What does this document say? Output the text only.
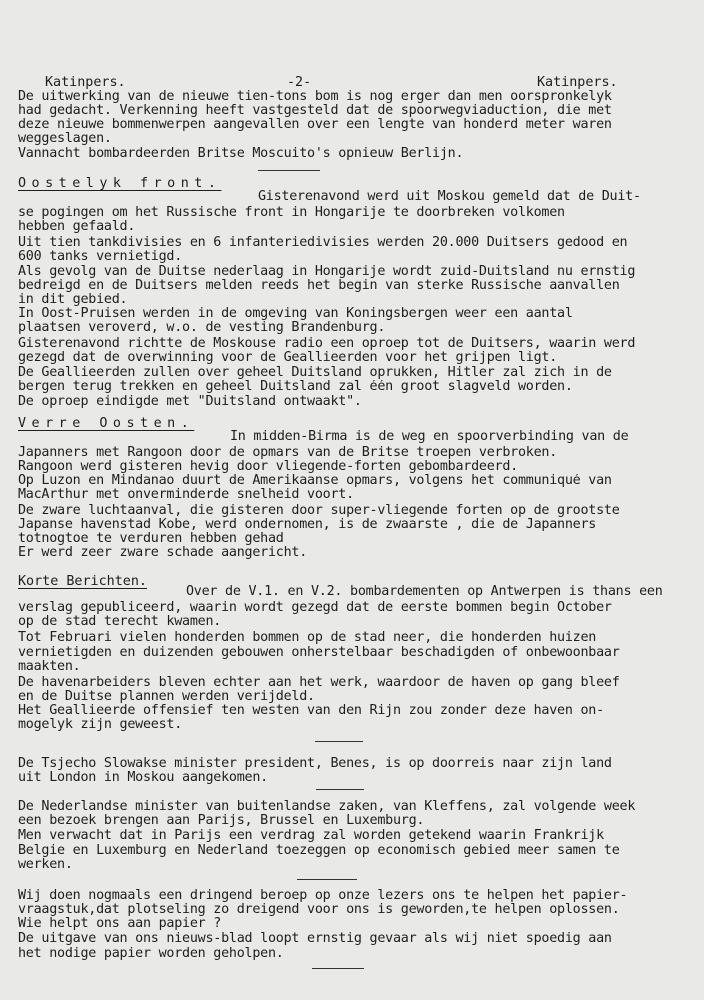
Katinpers.	-2-	Katinpers.
De uitwerking van de nieuwe tien-tons bom is nog erger dan men oorspronkelyk
had gedacht. Verkenning heeft vastgesteld dat de spoorwegviaduction, die met
deze nieuwe bommenwerpen aangevallen over een lengte van honderd meter waren
weggeslagen.
Vannacht bombardeerden Britse Moscuito's opnieuw Berlijn.
Oostelyk front.
Gisterenavond werd uit Moskou gemeld dat de Duit-
se pogingen om het Russische front in Hongarije te doorbreken volkomen
hebben gefaald.
Uit tien tankdivisies en 6 infanteriedivisies werden 20.000 Duitsers gedood en
600 tanks vernietigd.
Als gevolg van de Duitse nederlaag in Hongarije wordt zuid-Duitsland nu ernstig
bedreigd en de Duitsers melden reeds het begin van sterke Russische aanvallen
in dit gebied.
In Oost-Pruisen werden in de omgeving van Koningsbergen weer een aantal
plaatsen veroverd, w.o. de vesting Brandenburg.
Gisterenavond richtte de Moskouse radio een oproep tot de Duitsers, waarin werd
gezegd dat de overwinning voor de Geallieerden voor het grijpen ligt.
De Geallieerden zullen over geheel Duitsland oprukken, Hitler zal zich in de
bergen terug trekken en geheel Duitsland zal één groot slagveld worden.
De oproep eindigde met "Duitsland ontwaakt".
Verre Oosten.
In midden-Birma is de weg en spoorverbinding van de
Japanners met Rangoon door de opmars van de Britse troepen verbroken.
Rangoon werd gisteren hevig door vliegende-forten gebombardeerd.
Op Luzon en Mindanao duurt de Amerikaanse opmars, volgens het communiqué van
MacArthur met onverminderde snelheid voort.
De zware luchtaanval, die gisteren door super-vliegende forten op de grootste
Japanse havenstad Kobe, werd ondernomen, is de zwaarste , die de Japanners
totnogtoe te verduren hebben gehad
Er werd zeer zware schade aangericht.
Korte Berichten.
Over de V.1. en V.2. bombardementen op Antwerpen is thans een
verslag gepubliceerd, waarin wordt gezegd dat de eerste bommen begin October
op de stad terecht kwamen.
Tot Februari vielen honderden bommen op de stad neer, die honderden huizen
vernietigden en duizenden gebouwen onherstelbaar beschadigden of onbewoonbaar
maakten.
De havenarbeiders bleven echter aan het werk, waardoor de haven op gang bleef
en de Duitse plannen werden verijdeld.
Het Geallieerde offensief ten westen van den Rijn zou zonder deze haven on-
mogelyk zijn geweest.
De Tsjecho Slowakse minister president, Benes, is op doorreis naar zijn land
uit London in Moskou aangekomen.
De Nederlandse minister van buitenlandse zaken, van Kleffens, zal volgende week
een bezoek brengen aan Parijs, Brussel en Luxemburg.
Men verwacht dat in Parijs een verdrag zal worden getekend waarin Frankrijk
Belgie en Luxemburg en Nederland toezeggen op economisch gebied meer samen te
werken.
Wij doen nogmaals een dringend beroep op onze lezers ons te helpen het papier-
vraagstuk,dat plotseling zo dreigend voor ons is geworden,te helpen oplossen.
Wie helpt ons aan papier ?
De uitgave van ons nieuws-blad loopt ernstig gevaar als wij niet spoedig aan
het nodige papier worden geholpen.
